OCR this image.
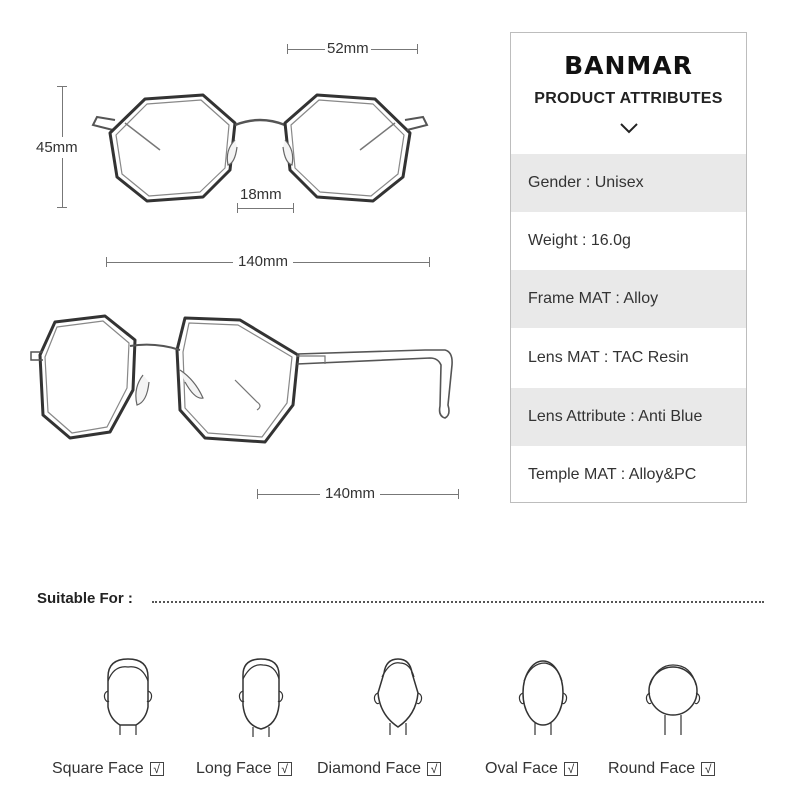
52mm
45mm
18mm
140mm
140mm
BANMAR
PRODUCT ATTRIBUTES
Gender : Unisex
Weight : 16.0g
Frame MAT : Alloy
Lens MAT : TAC Resin
Lens Attribute : Anti Blue
Temple MAT : Alloy&PC
Suitable For :
Square Face √ Long Face √ Diamond Face √	Oval Face √ Round Face √
